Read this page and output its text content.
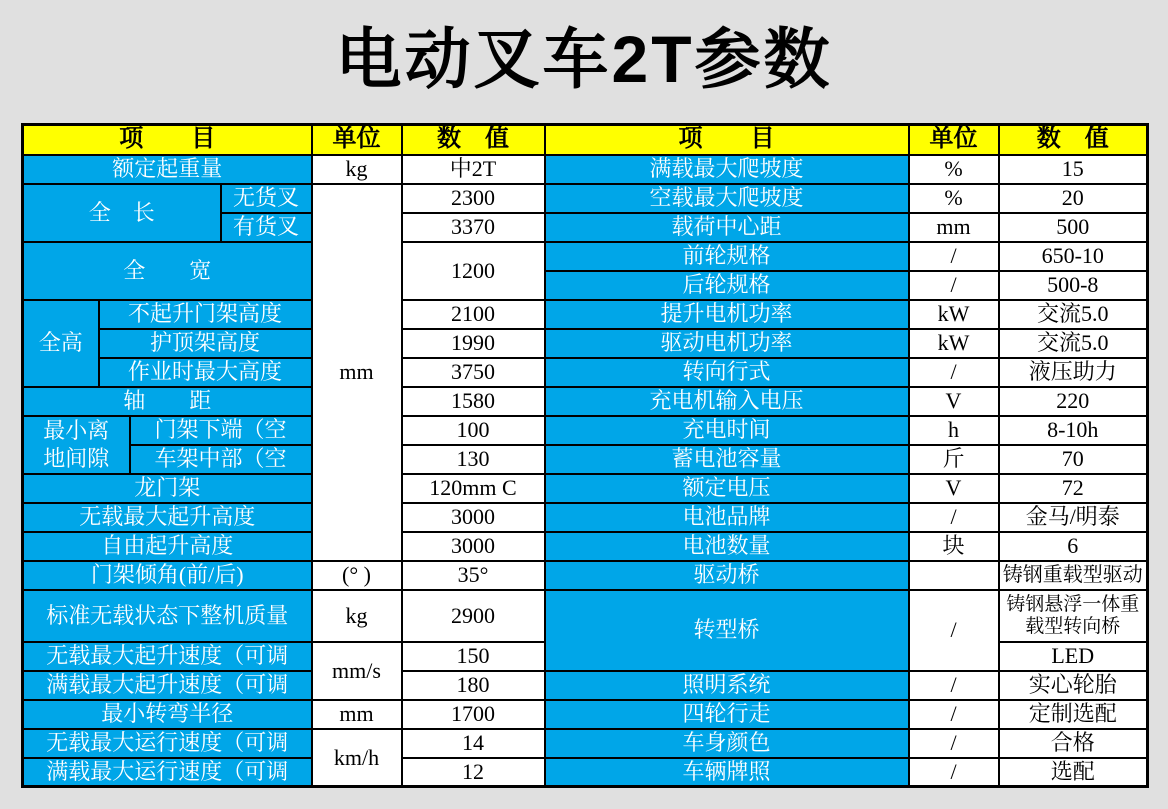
电动叉车2T参数
项　　目				单位	数　值	项　　目	单位	数　值
额定起重量				kg	中2T	满载最大爬坡度	%	15
全　长			无货叉	mm	2300	空载最大爬坡度	%	20
			有货叉		3370	载荷中心距	mm	500
全　　宽					1200	前轮规格	/	650-10
						后轮规格	/	500-8
全高	不起升门架高度				2100	提升电机功率	kW	交流5.0
	护顶架高度				1990	驱动电机功率	kW	交流5.0
	作业时最大高度				3750	转向行式	/	液压助力
轴　　距					1580	充电机输入电压	V	220
最小离地间隙		门架下端（空			100	充电时间	h	8-10h
		车架中部（空			130	蓄电池容量	斤	70
龙门架					120mm C	额定电压	V	72
无载最大起升高度					3000	电池品牌	/	金马/明泰
自由起升高度					3000	电池数量	块	6
门架倾角(前/后)				(° )	35°	驱动桥		铸钢重载型驱动
标准无载状态下整机质量				kg	2900	转型桥	/	铸钢悬浮一体重载型转向桥
无载最大起升速度（可调				mm/s	150			LED
满载最大起升速度（可调					180	照明系统	/	实心轮胎
最小转弯半径				mm	1700	四轮行走	/	定制选配
无载最大运行速度（可调				km/h	14	车身颜色	/	合格
满载最大运行速度（可调					12	车辆牌照	/	选配
